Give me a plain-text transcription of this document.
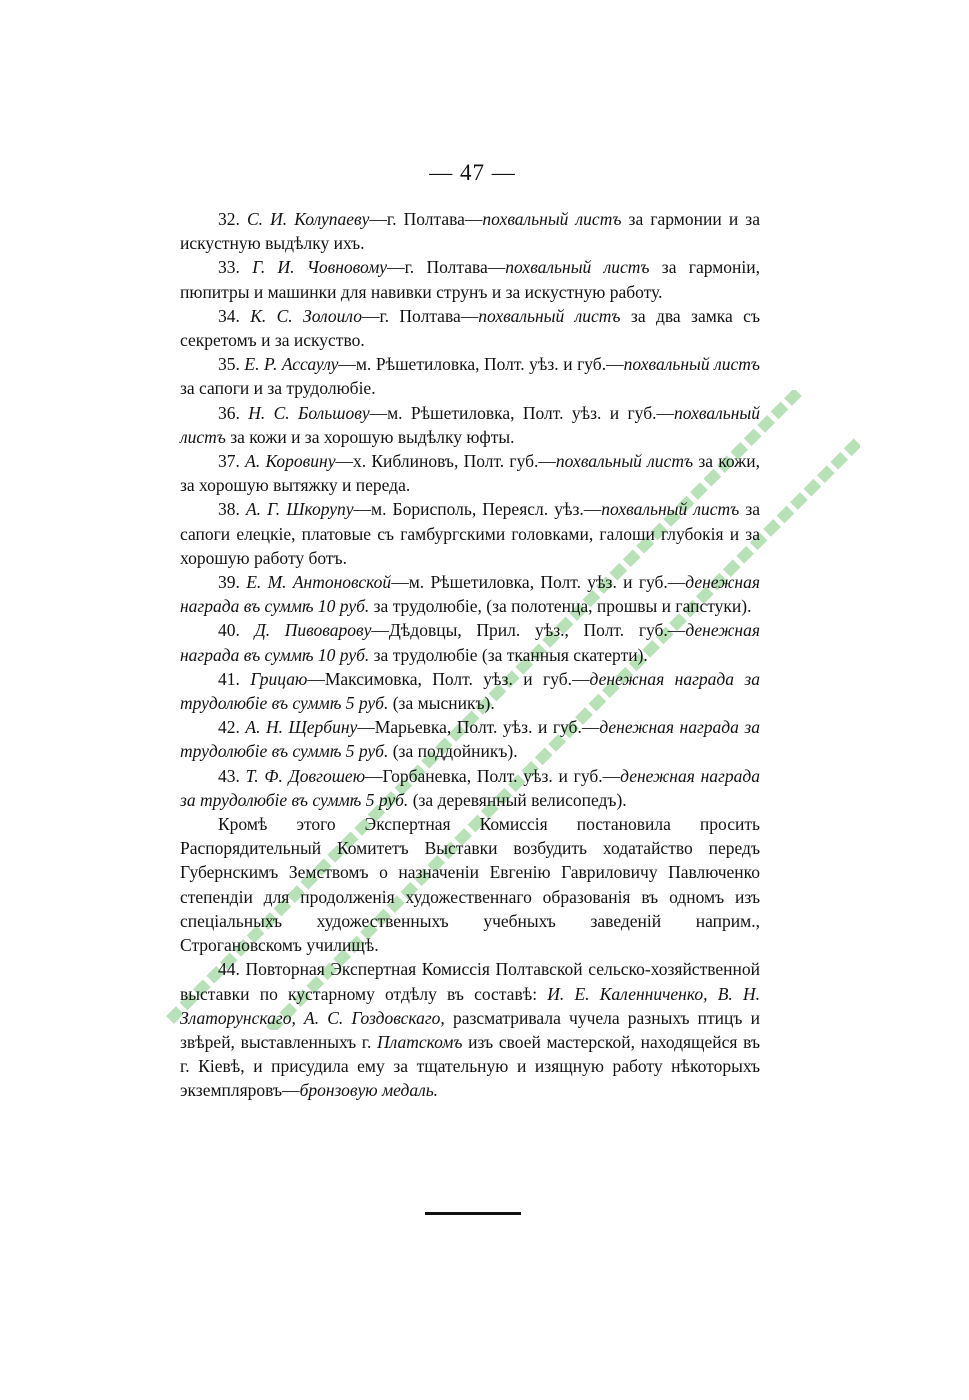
— 47 —

32. С. И. Колупаеву—г. Полтава—похвальный листъ за гармонии и за искустную выдѣлку ихъ.

33. Г. И. Човновому—г. Полтава—похвальный листъ за гармонiи, пюпитры и машинки для навивки струнъ и за искустную работу.

34. К. С. Золоило—г. Полтава—похвальный листъ за два замка съ секретомъ и за искуство.

35. Е. Р. Ассаулу—м. Рѣшетиловка, Полт. уѣз. и губ.—похвальный листъ за сапоги и за трудолюбiе.

36. Н. С. Большову—м. Рѣшетиловка, Полт. уѣз. и губ.—похвальный листъ за кожи и за хорошую выдѣлку юфты.

37. А. Коровину—х. Киблиновъ, Полт. губ.—похвальный листъ за кожи, за хорошую вытяжку и переда.

38. А. Г. Шкорупу—м. Борисполь, Переясл. уѣз.—похвальный листъ за сапоги елецкiе, платовые съ гамбургскими головками, галоши глубокiя и за хорошую работу ботъ.

39. Е. М. Антоновской—м. Рѣшетиловка, Полт. уѣз. и губ.—денежная награда въ суммѣ 10 руб. за трудолюбiе, (за полотенца, прошвы и гапстуки).

40. Д. Пивоварову—Дѣдовцы, Прил. уѣз., Полт. губ.—денежная награда въ суммѣ 10 руб. за трудолюбiе (за тканныя скатерти).

41. Грицаю—Максимовка, Полт. уѣз. и губ.—денежная награда за трудолюбiе въ суммѣ 5 руб. (за мысникъ).

42. А. Н. Щербину—Марьевка, Полт. уѣз. и губ.—денежная награда за трудолюбiе въ суммѣ 5 руб. (за поддойникъ).

43. Т. Ф. Довгошею—Горбаневка, Полт. уѣз. и губ.—денежная награда за трудолюбiе въ суммѣ 5 руб. (за деревянный велисопедъ).

Кромѣ этого Экспертная Комиссiя постановила просить Распорядительный Комитетъ Выставки возбудить ходатайство передъ Губернскимъ Земствомъ о назначенiи Евгенiю Гавриловичу Павлюченко степендiи для продолженiя художественнаго образованiя въ одномъ изъ спецiальныхъ художественныхъ учебныхъ заведенiй наприм., Строгановскомъ училищѣ.

44. Повторная Экспертная Комиссiя Полтавской сельско-хозяйственной выставки по кустарному отдѣлу въ составѣ: И. Е. Каленниченко, В. Н. Златорунскаго, А. С. Гоздовскаго, разсматривала чучела разныхъ птицъ и звѣрей, выставленныхъ г. Платскомъ изъ своей мастерской, находящейся въ г. Кiевѣ, и присудила ему за тщательную и изящную работу нѣкоторыхъ экземпляровъ—бронзовую медаль.
